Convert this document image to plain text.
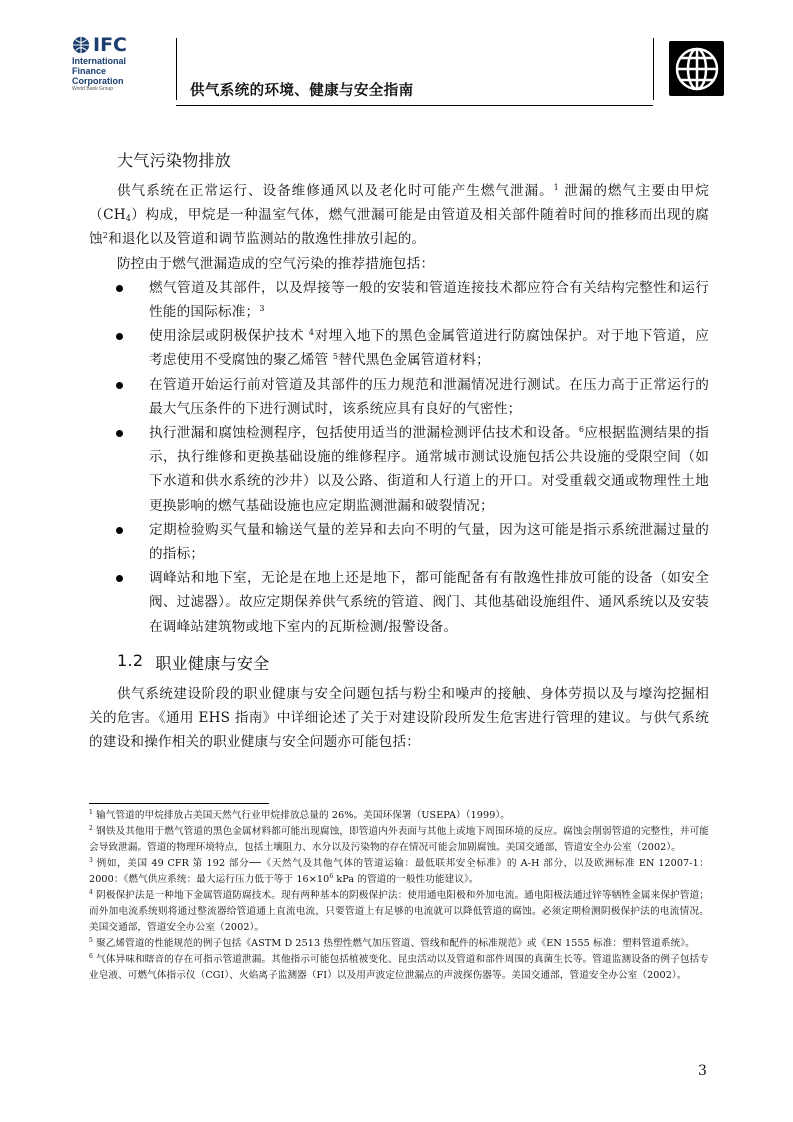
IFC
International
Finance
Corporation
World Bank Group	供气系统的环境、健康与安全指南
大气污染物排放

供气系统在正常运行、设备维修通风以及老化时可能产生燃气泄漏。$^1$ 泄漏的燃气主要由甲烷$(CH_4)$构成，甲烷是一种温室气体，燃气泄漏可能是由管道及相关部件随着时间的推移而出现的腐蚀$^2$和退化以及管道和调节监测站的散逸性排放引起的。

防控由于燃气泄漏造成的空气污染的推荐措施包括：

燃气管道及其部件，以及焊接等一般的安装和管道连接技术都应符合有关结构完整性和运行性能的国际标准；$^3$
使用涂层或阴极保护技术 $^4$对埋入地下的黑色金属管道进行防腐蚀保护。对于地下管道，应考虑使用不受腐蚀的聚乙烯管 $^5$替代黑色金属管道材料；
在管道开始运行前对管道及其部件的压力规范和泄漏情况进行测试。在压力高于正常运行的最大气压条件的下进行测试时，该系统应具有良好的气密性；
执行泄漏和腐蚀检测程序，包括使用适当的泄漏检测评估技术和设备。$^6$应根据监测结果的指示，执行维修和更换基础设施的维修程序。通常城市测试设施包括公共设施的受限空间（如下水道和供水系统的沙井）以及公路、街道和人行道上的开口。对受重载交通或物理性土地更换影响的燃气基础设施也应定期监测泄漏和破裂情况；
定期检验购买气量和输送气量的差异和去向不明的气量，因为这可能是指示系统泄漏过量的的指标；
调峰站和地下室，无论是在地上还是地下，都可能配备有有散逸性排放可能的设备（如安全阀、过滤器）。故应定期保养供气系统的管道、阀门、其他基础设施组件、通风系统以及安装在调峰站建筑物或地下室内的瓦斯检测/报警设备。
1.2 职业健康与安全

供气系统建设阶段的职业健康与安全问题包括与粉尘和噪声的接触、身体劳损以及与壕沟挖掘相关的危害。《通用 EHS 指南》中详细论述了关于对建设阶段所发生危害进行管理的建议。与供气系统的建设和操作相关的职业健康与安全问题亦可能包括：

$^1$ 输气管道的甲烷排放占美国天然气行业甲烷排放总量的 26%。美国环保署（USEPA）（1999）。

$^2$ 钢铁及其他用于燃气管道的黑色金属材料都可能出现腐蚀，即管道内外表面与其他上或地下周围环境的反应。腐蚀会削弱管道的完整性，并可能会导致泄漏。管道的物理环境特点，包括土壤阻力、水分以及污染物的存在情况可能会加剧腐蚀。美国交通部，管道安全办公室（2002）。

$^3$ 例如，美国 49 CFR 第 192 部分──《天然气及其他气体的管道运输：最低联邦安全标准》的 A-H 部分，以及欧洲标准 EN 12007-1：2000：《燃气供应系统：最大运行压力低于等于 $16\times 10^6$ kPa 的管道的一般性功能建议》。

$^4$ 阴极保护法是一种地下金属管道防腐技术。现有两种基本的阴极保护法：使用通电阳极和外加电流。通电阳极法通过锌等牺牲金属来保护管道；而外加电流系统则将通过整流器给管道通上直流电流，只要管道上有足够的电流就可以降低管道的腐蚀。必须定期检测阴极保护法的电流情况。美国交通部，管道安全办公室（2002）。

$^5$ 聚乙烯管道的性能规范的例子包括《ASTM D 2513 热塑性燃气加压管道、管线和配件的标准规范》或《EN 1555 标准：塑料管道系统》。

$^6$ 气体异味和瞎音的存在可指示管道泄漏。其他指示可能包括植被变化、昆虫活动以及管道和部件周围的真菌生长等。管道监测设备的例子包括专业皂液、可燃气体指示仪（CGI）、火焰离子监测器（FI）以及用声波定位泄漏点的声波探伤器等。美国交通部，管道安全办公室（2002）。

3
